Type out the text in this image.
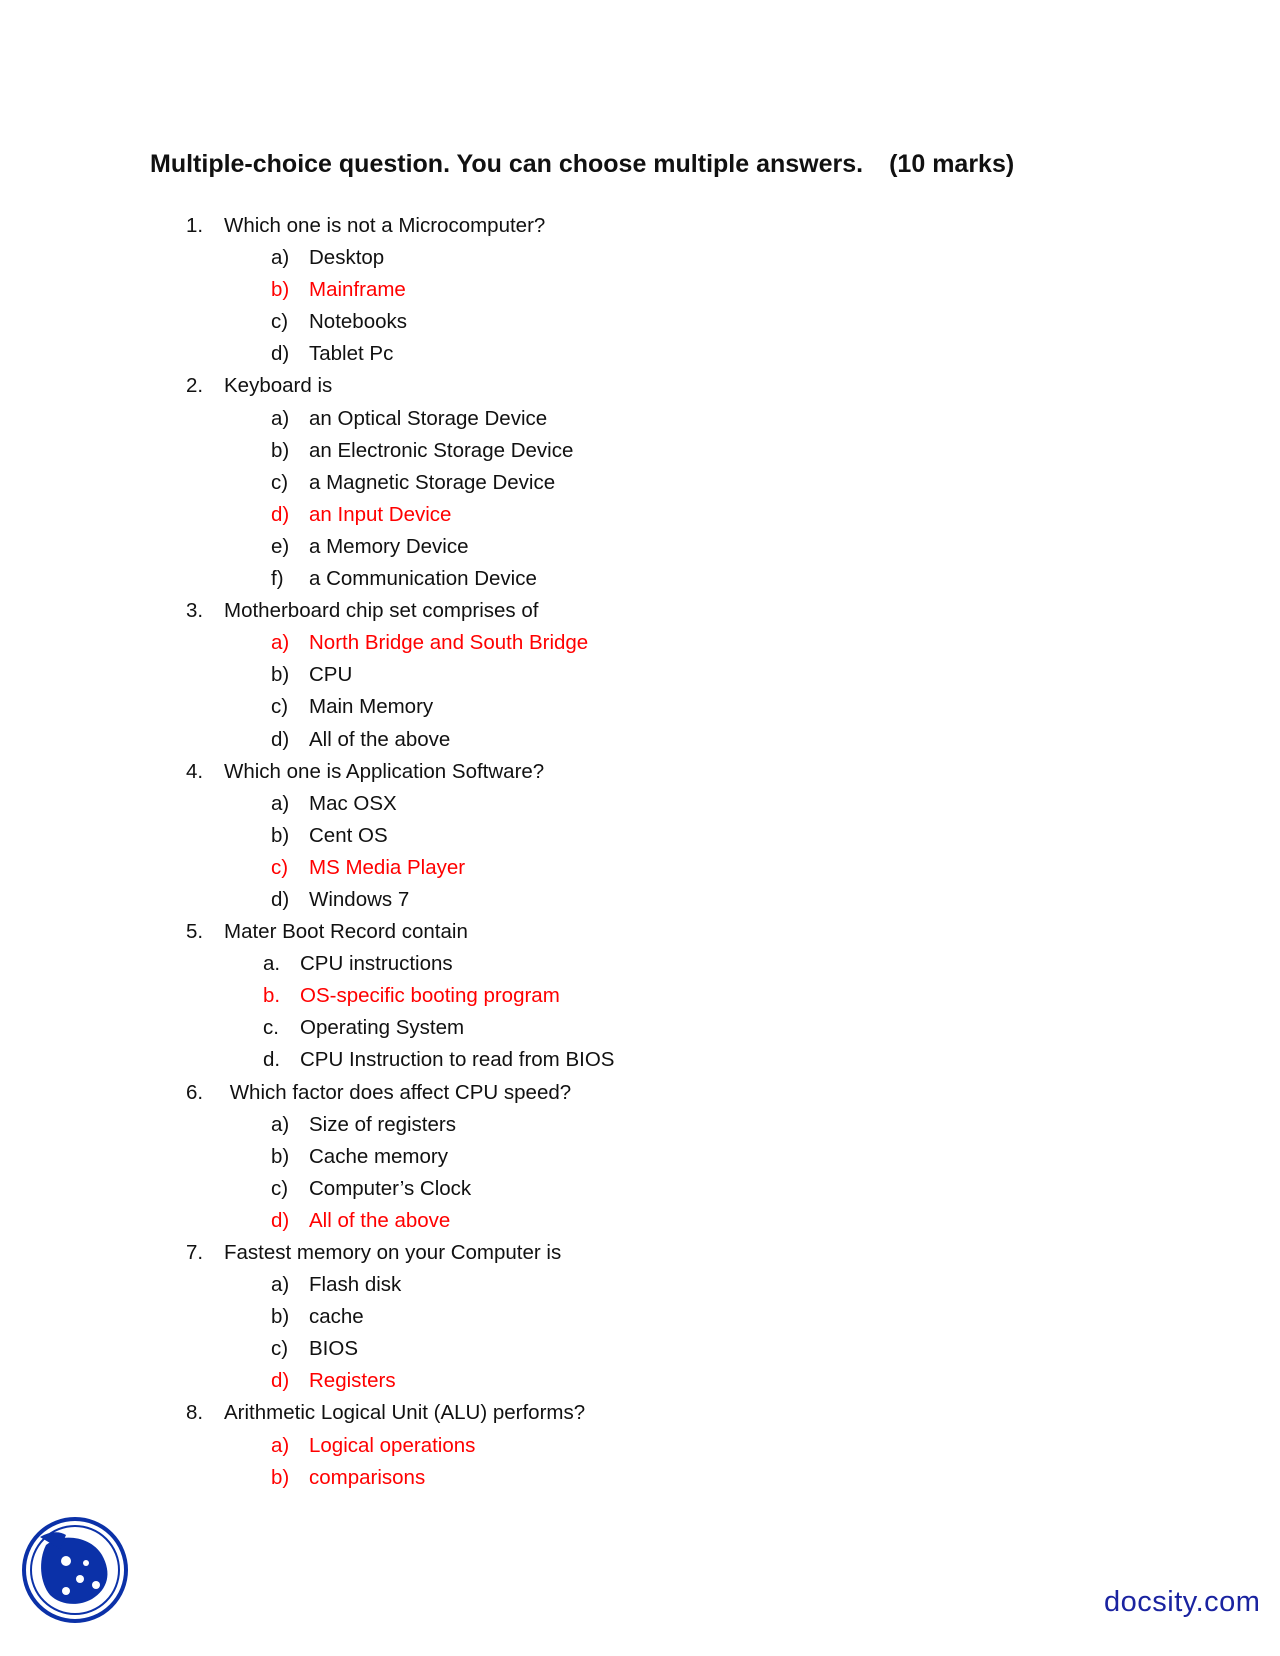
Multiple-choice question. You can choose multiple answers. (10 marks)
1.	Which one is not a Microcomputer?
a) Desktop
b) Mainframe
c)	Notebooks
d) Tablet Pc
2.	Keyboard is
a) an Optical Storage Device
b) an Electronic Storage Device
c)	a Magnetic Storage Device
d) an Input Device
e) a Memory Device
f)	a Communication Device
3.	Motherboard chip set comprises of
a) North Bridge and South Bridge
b) CPU
c)	Main Memory
d) All of the above
4.	Which one is Application Software?
a) Mac OSX
b) Cent OS
c)	MS Media Player
d) Windows 7
5.	Mater Boot Record contain
a. CPU instructions
b. OS-specific booting program
c.	Operating System
d. CPU Instruction to read from BIOS
6.	Which factor does affect CPU speed?
a) Size of registers
b) Cache memory
c)	Computer’s Clock
d) All of the above
7.	Fastest memory on your Computer is
a) Flash disk
b) cache
c)	BIOS
d) Registers
8.	Arithmetic Logical Unit (ALU) performs?
a) Logical operations
b) comparisons
docsity.com
